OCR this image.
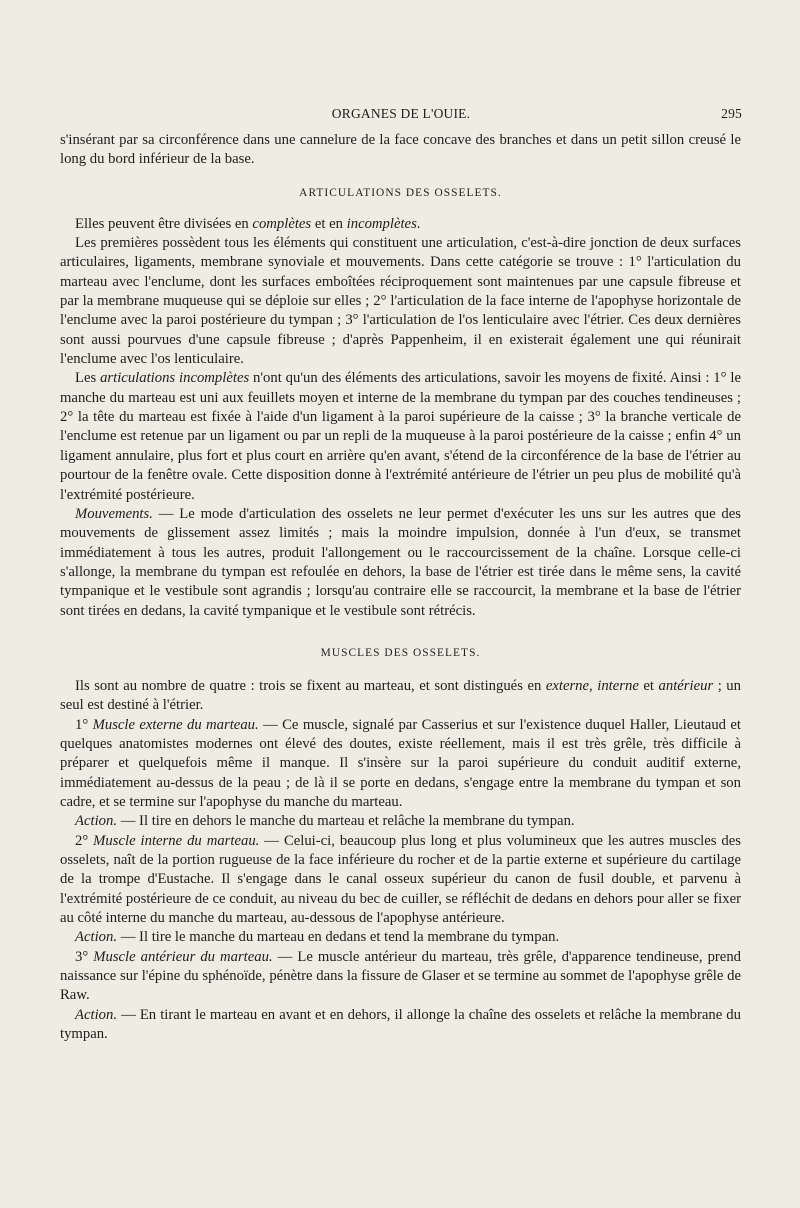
ORGANES DE L'OUIE.	295

s'insérant par sa circonférence dans une cannelure de la face concave des branches et dans un petit sillon creusé le long du bord inférieur de la base.

ARTICULATIONS DES OSSELETS.

Elles peuvent être divisées en complètes et en incomplètes.

Les premières possèdent tous les éléments qui constituent une articulation, c'est-à-dire jonction de deux surfaces articulaires, ligaments, membrane synoviale et mouvements. Dans cette catégorie se trouve : 1° l'articulation du marteau avec l'enclume, dont les surfaces emboîtées réciproquement sont maintenues par une capsule fibreuse et par la membrane muqueuse qui se déploie sur elles ; 2° l'articulation de la face interne de l'apophyse horizontale de l'enclume avec la paroi postérieure du tympan ; 3° l'articulation de l'os lenticulaire avec l'étrier. Ces deux dernières sont aussi pourvues d'une capsule fibreuse ; d'après Pappenheim, il en existerait également une qui réunirait l'enclume avec l'os lenticulaire.

Les articulations incomplètes n'ont qu'un des éléments des articulations, savoir les moyens de fixité. Ainsi : 1° le manche du marteau est uni aux feuillets moyen et interne de la membrane du tympan par des couches tendineuses ; 2° la tête du marteau est fixée à l'aide d'un ligament à la paroi supérieure de la caisse ; 3° la branche verticale de l'enclume est retenue par un ligament ou par un repli de la muqueuse à la paroi postérieure de la caisse ; enfin 4° un ligament annulaire, plus fort et plus court en arrière qu'en avant, s'étend de la circonférence de la base de l'étrier au pourtour de la fenêtre ovale. Cette disposition donne à l'extrémité antérieure de l'étrier un peu plus de mobilité qu'à l'extrémité postérieure.

Mouvements. — Le mode d'articulation des osselets ne leur permet d'exécuter les uns sur les autres que des mouvements de glissement assez limités ; mais la moindre impulsion, donnée à l'un d'eux, se transmet immédiatement à tous les autres, produit l'allongement ou le raccourcissement de la chaîne. Lorsque celle-ci s'allonge, la membrane du tympan est refoulée en dehors, la base de l'étrier est tirée dans le même sens, la cavité tympanique et le vestibule sont agrandis ; lorsqu'au contraire elle se raccourcit, la membrane et la base de l'étrier sont tirées en dedans, la cavité tympanique et le vestibule sont rétrécis.

MUSCLES DES OSSELETS.

Ils sont au nombre de quatre : trois se fixent au marteau, et sont distingués en externe, interne et antérieur ; un seul est destiné à l'étrier.

1° Muscle externe du marteau. — Ce muscle, signalé par Casserius et sur l'existence duquel Haller, Lieutaud et quelques anatomistes modernes ont élevé des doutes, existe réellement, mais il est très grêle, très difficile à préparer et quelquefois même il manque. Il s'insère sur la paroi supérieure du conduit auditif externe, immédiatement au-dessus de la peau ; de là il se porte en dedans, s'engage entre la membrane du tympan et son cadre, et se termine sur l'apophyse du manche du marteau.

Action. — Il tire en dehors le manche du marteau et relâche la membrane du tympan.

2° Muscle interne du marteau. — Celui-ci, beaucoup plus long et plus volumineux que les autres muscles des osselets, naît de la portion rugueuse de la face inférieure du rocher et de la partie externe et supérieure du cartilage de la trompe d'Eustache. Il s'engage dans le canal osseux supérieur du canon de fusil double, et parvenu à l'extrémité postérieure de ce conduit, au niveau du bec de cuiller, se réfléchit de dedans en dehors pour aller se fixer au côté interne du manche du marteau, au-dessous de l'apophyse antérieure.

Action. — Il tire le manche du marteau en dedans et tend la membrane du tympan.

3° Muscle antérieur du marteau. — Le muscle antérieur du marteau, très grêle, d'apparence tendineuse, prend naissance sur l'épine du sphénoïde, pénètre dans la fissure de Glaser et se termine au sommet de l'apophyse grêle de Raw.

Action. — En tirant le marteau en avant et en dehors, il allonge la chaîne des osselets et relâche la membrane du tympan.
